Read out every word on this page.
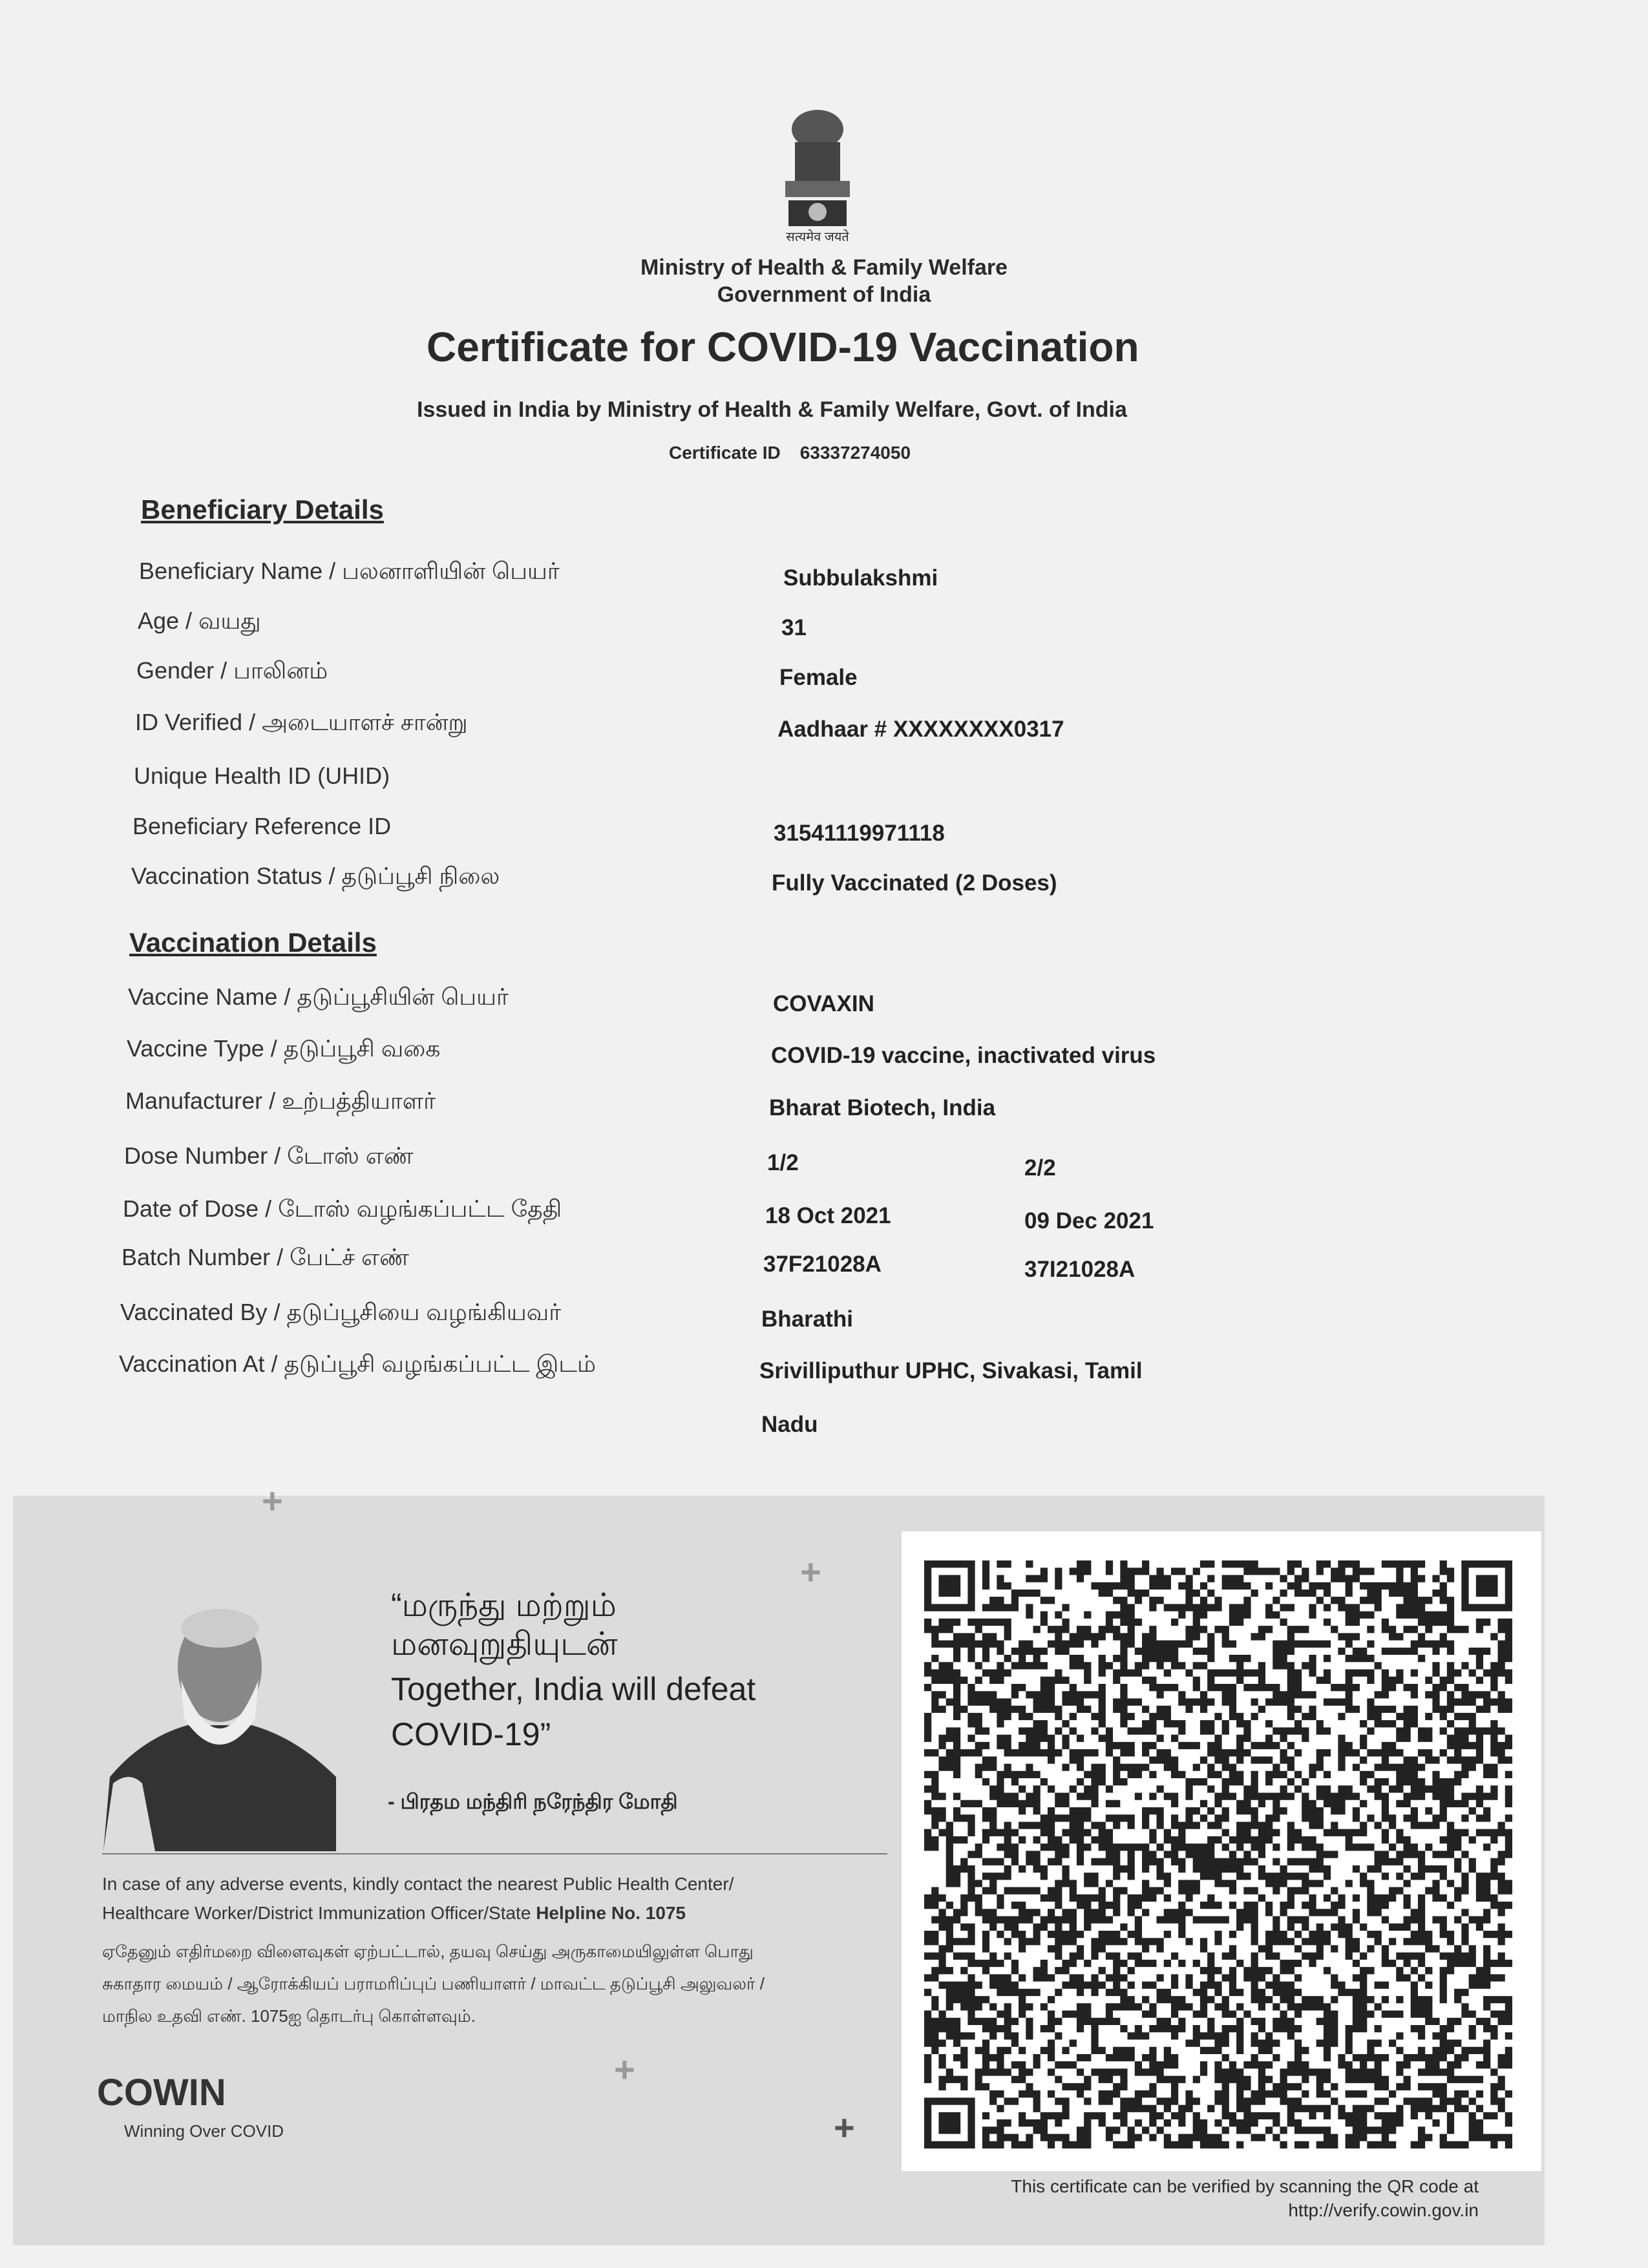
सत्यमेव जयते
Ministry of Health & Family Welfare
Government of India
Certificate for COVID-19 Vaccination
Issued in India by Ministry of Health & Family Welfare, Govt. of India
Certificate ID 63337274050
Beneficiary Details
Beneficiary Name / பலனாளியின் பெயர்	Subbulakshmi
Age / வயது	31
Gender / பாலினம்	Female
ID Verified / அடையாளச் சான்று	Aadhaar # XXXXXXXX0317
Unique Health ID (UHID)
Beneficiary Reference ID	31541119971118
Vaccination Status / தடுப்பூசி நிலை	Fully Vaccinated (2 Doses)
Vaccination Details
Vaccine Name / தடுப்பூசியின் பெயர்	COVAXIN
Vaccine Type / தடுப்பூசி வகை	COVID-19 vaccine, inactivated virus
Manufacturer / உற்பத்தியாளர்	Bharat Biotech, India
Dose Number / டோஸ் எண்	1/2	2/2
Date of Dose / டோஸ் வழங்கப்பட்ட தேதி	18 Oct 2021	09 Dec 2021
Batch Number / பேட்ச் எண்	37F21028A	37I21028A
Vaccinated By / தடுப்பூசியை வழங்கியவர்	Bharathi
Vaccination At / தடுப்பூசி வழங்கப்பட்ட இடம்	Srivilliputhur UPHC, Sivakasi, Tamil
Nadu
+
+
+
+
“மருந்து மற்றும்
மனவுறுதியுடன்
Together, India will defeat
COVID-19”
- பிரதம மந்திரி நரேந்திர மோதி
In case of any adverse events, kindly contact the nearest Public Health Center/
Healthcare Worker/District Immunization Officer/State Helpline No. 1075
ஏதேனும் எதிர்மறை விளைவுகள் ஏற்பட்டால், தயவு செய்து அருகாமையிலுள்ள பொது
சுகாதார மையம் / ஆரோக்கியப் பராமரிப்புப் பணியாளர் / மாவட்ட தடுப்பூசி அலுவலர் /
மாநில உதவி எண். 1075ஐ தொடர்பு கொள்ளவும்.
COWIN
Winning Over COVID
This certificate can be verified by scanning the QR code at
http://verify.cowin.gov.in
